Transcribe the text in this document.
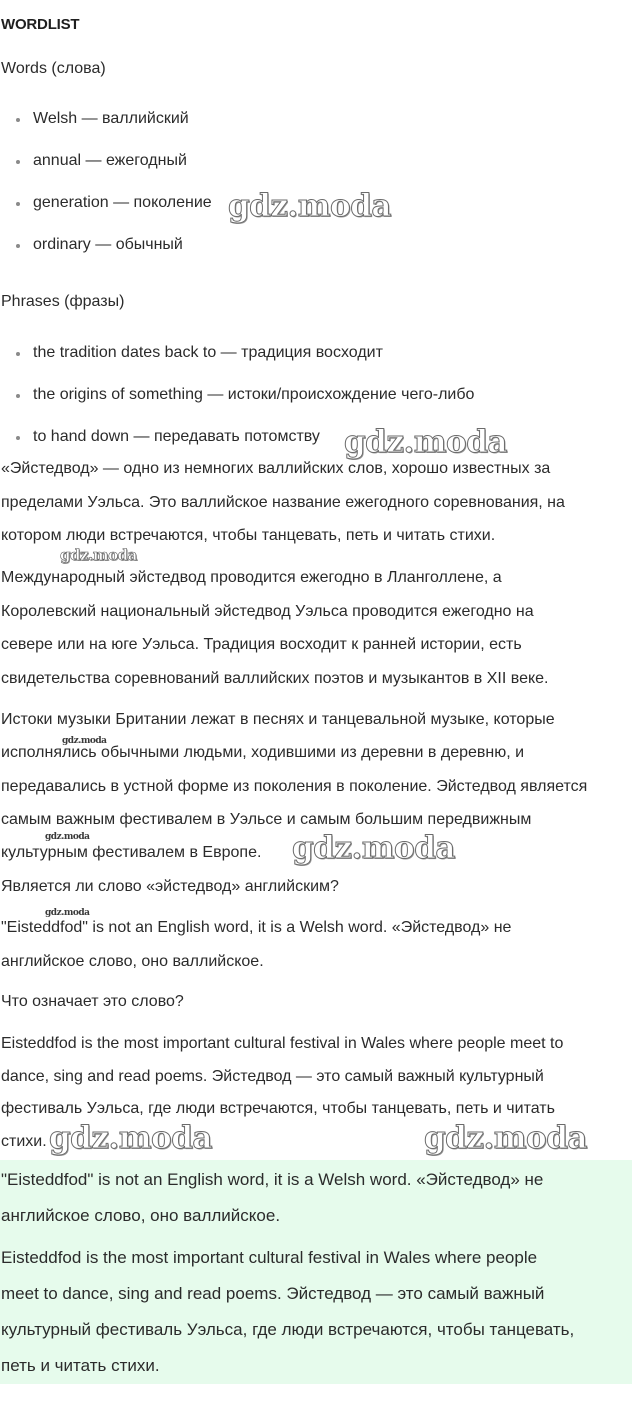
WORDLIST
Words (слова)
Welsh — валлийский
annual — ежегодный
generation — поколение
ordinary — обычный
Phrases (фразы)
the tradition dates back to — традиция восходит
the origins of something — истоки/происхождение чего-либо
to hand down — передавать потомству
«Эйстедвод» — одно из немногих валлийских слов, хорошо известных за
пределами Уэльса. Это валлийское название ежегодного соревнования, на
котором люди встречаются, чтобы танцевать, петь и читать стихи.
Международный эйстедвод проводится ежегодно в Лланголлене, а
Королевский национальный эйстедвод Уэльса проводится ежегодно на
севере или на юге Уэльса. Традиция восходит к ранней истории, есть
свидетельства соревнований валлийских поэтов и музыкантов в XII веке.
Истоки музыки Британии лежат в песнях и танцевальной музыке, которые
исполнялись обычными людьми, ходившими из деревни в деревню, и
передавались в устной форме из поколения в поколение. Эйстедвод является
самым важным фестивалем в Уэльсе и самым большим передвижным
культурным фестивалем в Европе.
Является ли слово «эйстедвод» английским?
"Eisteddfod" is not an English word, it is a Welsh word. «Эйстедвод» не
английское слово, оно валлийское.
Что означает это слово?
Eisteddfod is the most important cultural festival in Wales where people meet to
dance, sing and read poems. Эйстедвод — это самый важный культурный
фестиваль Уэльса, где люди встречаются, чтобы танцевать, петь и читать
стихи.
"Eisteddfod" is not an English word, it is a Welsh word. «Эйстедвод» не
английское слово, оно валлийское.
Eisteddfod is the most important cultural festival in Wales where people
meet to dance, sing and read poems. Эйстедвод — это самый важный
культурный фестиваль Уэльса, где люди встречаются, чтобы танцевать,
петь и читать стихи.
gdz.moda
gdz.moda
gdz.moda
gdz.moda
gdz.moda	gdz.moda
gdz.moda
gdz.moda	gdz.moda
